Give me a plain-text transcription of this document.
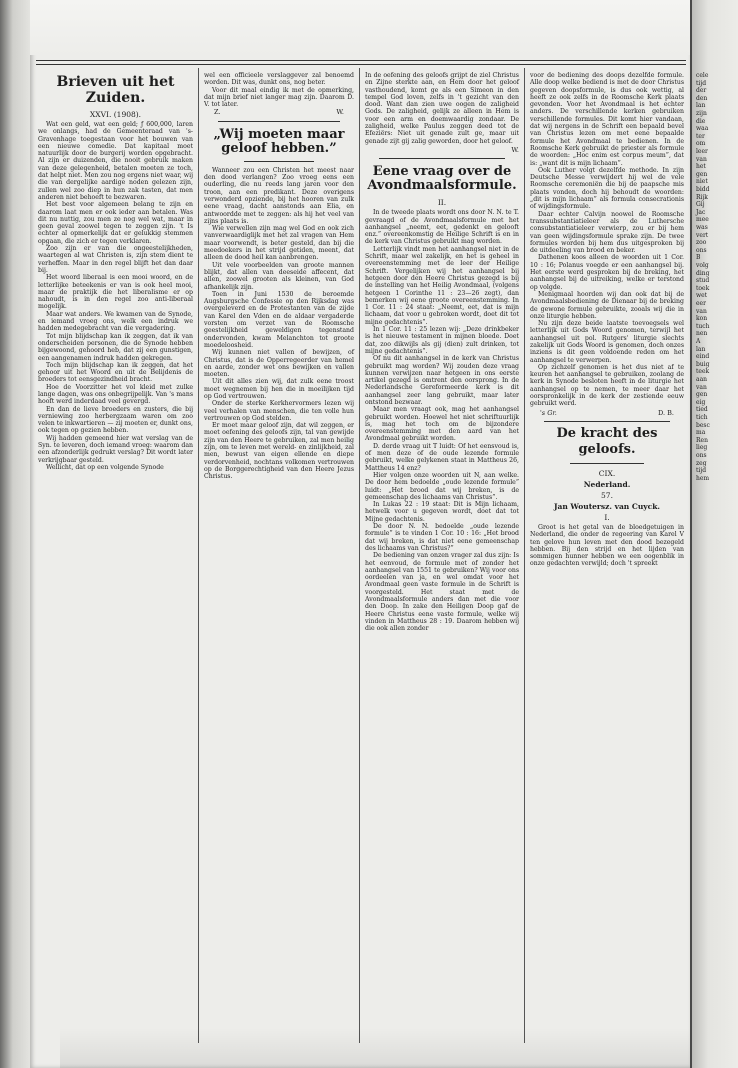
Brieven uit het Zuiden.
XXVI. (1908).

Wat een geld, wat een geld; ƒ 600,000, laren we onlangs, had de Gemeenteraad van 's-Gravenhage toegestaan voor het bouwen van een nieuwe comedie. Dat kapitaal moet natuurlijk door de burgerij worden opgebracht. Al zijn er duizenden, die nooit gebruik maken van deze gelegenheid, betalen moeten ze toch, dat helpt niet. Men zou nog ergens niet waar, wij die van dergelijke aardige noden gelezen zijn, zullen wel zoo diep in hun zak tasten, dat men anderen niet behoeft te bezwaren.

Het best voor algemeen belang te zijn en daarom laat men er ook ieder aan betalen. Was dit nu nuttig, zou men ze nog wel wat, maar in geen geval zoowel tegen te zeggen zijn. 't Is echter al opmerkelijk dat er gelukkig stemmen opgaan, die zich er tegen verklaren.

Zoo zijn er van die ongeestelijkheden, waartegen al wat Christen is, zijn stem dient te verheffen. Maar in den regel blijft het dan daar bij.

Het woord liberaal is een mooi woord, en de letterlijke beteekenis er van is ook heel mooi, maar de praktijk die het liberalisme er op nahoudt, is in den regel zoo anti-liberaal mogelijk.

Maar wat anders. We kwamen van de Synode, en iemand vroeg ons, welk een indruk we hadden medegebracht van die vergadering.

Tot mijn blijdschap kan ik zeggen, dat ik van onderscheiden personen, die de Synode hebben bijgewoond, gehoord heb, dat zij een gunstigen, een aangenamen indruk hadden gekregen.

Toch mijn blijdschap kan ik zeggen, dat het gehoor uit het Woord en uit de Belijdenis de broeders tot eensgezindheid bracht.

Hoe de Voorzitter het vol kleid met zulke lange dagen, was ons onbegrijpelijk. Van 's mans hooft werd inderdaad veel gevergd.

En dan de lieve broeders en zusters, die bij verniewing zoo herbergzaam waren om zoo velen te inkwartieren — zij moeten er, dunkt ons, ook tegen op gezien hebben.

Wij hadden gemeend hier wat verslag van de Syn. te leveren, doch iemand vroeg: waarom dan een afzonderlijk gedrukt verslag? Dit wordt later verkrijgbaar gesteld.

Wellicht, dat op een volgende Synode

wel een officieele verslaggever zal benoemd worden. Dit was, dunkt ons, nog beter.

Voor dit maal eindig ik met de opmerking, dat mijn brief niet langer mag zijn. Daarom D. V. tot later.

Z.	W.
„Wij moeten maar geloof hebben.”

Wanneer zou een Christen het meest naar den dood verlangen? Zoo vroeg eens een ouderling, die nu reeds lang jaren voor den troon, aan een predikant. Deze overigens verwonderd opziende, bij het hooren van zulk eene vraag, dacht aanstonds aan Elia, en antwoordde met te zeggen: als hij het veel van zijns plaats is.

Wie verwellen zijn mag wel God en ook zich vanverwaardiglijk met het zal vragen van Hem maar voorwendt, is beter gesteld, dan bij die meedoekers in het strijd getiden, meent, dat alleen de dood heil kan aanbrengen.

Uit vele voorbeelden van groote mannen blijkt, dat allen van deeseide affecent, dat allen, zoowel grooten als kleinen, van God afhankelijk zijn.

Toen in Juni 1530 de beroemde Augsburgsche Confessie op den Rijksdag was overgeleverd en de Protestanten van de zijde van Karel den Vden en de aldaar vergaderde vorsten om verzet van de Roomsche geestelijkheid geweldigen tegenstand ondervonden, kwam Melanchton tot groote moedeloosheid.

Wij kunnen niet vallen of bewijzen, of Christus, dat is de Opperregeerder van hemel en aarde, zonder wet ons bewijken en vallen moeten.

Uit dit alles zien wij, dat zulk eene troost moet wegnemen bij hen die in moeilijken tijd op God vertrouwen.

Onder de sterke Kerkhervormers lezen wij veel verhalen van menschen, die ten volle hun vertrouwen op God stelden.

Er moet maar geloof zijn, dat wil zeggen, er moet oefening des geloofs zijn, tal van gewijde zijn van den Heere te gebruiken, zal men heilig zijn, om te leven met wereld- en zinlijkheid, zal men, bewust van eigen ellende en diepe verdorvenheid, nochtans volkomen vertrouwen op de Borggerechtigheid van den Heere Jezus Christus.

In de oefening des geloofs grijpt de ziel Christus en Zijne sterkte aan, en Hem door het geloof vasthoudend, komt ge als een Simeon in den tempel God loven, zelfs in 't gezicht van den dood. Want dan zien uwe oogen de zaligheid Gods. De zaligheid, gelijk ze alleen in Hem is voor een arm en doemwaardig zondaar. De zaligheid, welke Paulus zeggen deed tot de Efeziërs: Niet uit genade zult ge, maar uit genade zijt gij zalig geworden, door het geloof.

W.
Eene vraag over de Avondmaalsformule.
II.

In de tweede plaats wordt ons door N. N. te T. gevraagd of de Avondmaalsformule met het aanhangsel „neemt, eet, gedenkt en gelooft enz.” overeenkomstig de Heilige Schrift is en in de kerk van Christus gebruikt mag worden.

Letterlijk vindt men het aanhangsel niet in de Schrift, maar wel zakelijk, en het is geheel in overeenstemming met de leer der Heilige Schrift. Vergelijken wij het aanhangsel bij hetgeen door den Heere Christus gezegd is bij de instelling van het Heilig Avondmaal, (volgens hetgeen 1 Corinthe 11 : 23—26 zegt), dan bemerken wij eene groote overeenstemming. In 1 Cor. 11 : 24 staat: „Neemt, eet, dat is mijn lichaam, dat voor u gebroken wordt, doet dit tot mijne gedachtenis”.

In 1 Cor. 11 : 25 lezen wij: „Deze drinkbeker is het nieuwe testament in mijnen bloede. Doet dat, zoo dikwijls als gij (dien) zult drinken, tot mijne gedachtenis”.

Of nu dit aanhangsel in de kerk van Christus gebruikt mag worden? Wij zouden deze vraag kunnen verwijzen naar hetgeen in ons eerste artikel gezegd is omtrent den oorsprong. In de Nederlandsche Gereformeerde kerk is dit aanhangsel zeer lang gebruikt, maar later ontstond bezwaar.

Maar men vraagt ook, mag het aanhangsel gebruikt worden. Hoewel het niet schriftuurlijk is, mag het toch om de bijzondere overeenstemming met den aard van het Avondmaal gebruikt worden.

D. derde vraag uit T luidt: Of het eensvoud is, of men deze of de oude lezende formule gebruikt, welke gelykenen staat in Mattheus 26, Mattheus 14 enz?

Hier volgen onze woorden uit N, aan welke. De door hem bedoelde „oude lezende formule” luidt: „Het brood dat wij breken, is de gemeenschap des lichaams van Christus”.

In Lukas 22 : 19 staat: Dit is Mijn lichaam, hetwelk voor u gegeven wordt, doet dat tot Mijne gedachtenis.

De door N. N. bedoelde „oude lezende formule” is te vinden 1 Cor. 10 : 16: „Het brood dat wij breken, is dat niet eene gemeenschap des lichaams van Christus?”

De bediening van onzen vrager zal dus zijn: Is het eenvoud, de formule met of zonder het aanhangsel van 1551 te gebruiken? Wij voor ons oordeelen van ja, en wel omdat voor het Avondmaal geen vaste formule in de Schrift is voorgesteld. Het staat met de Avondmaalsformule anders dan met die voor den Doop. In zake den Heiligen Doop gaf de Heere Christus eene vaste formule, welke wij vinden in Mattheus 28 : 19. Daarom hebben wij die ook allen zonder

voor de bediening des doops dezelfde formule. Alle doop welke bediend is met de door Christus gegeven doopsformule, is dus ook wettig, al heeft ze ook zelfs in de Roomsche Kerk plaats gevonden. Voor het Avondmaal is het echter anders. De verschillende kerken gebruiken verschillende formules. Dit komt hier vandaan, dat wij nergens in de Schrift een bepaald bevel van Christus lezen om met eene bepaalde formule het Avondmaal te bedienen. In de Roomsche Kerk gebruikt de priester als formule de woorden: „Hoc enim est corpus meum”, dat is: „want dit is mijn lichaam”.

Ook Luther volgt dezelfde methode. In zijn Deutsche Messe verwijdert hij wel de vele Roomsche ceremoniën die bij de paapsche mis plaats vonden, doch hij behoudt de woorden: „dit is mijn lichaam” als formula consecrationis of wijdingsformule.

Daar echter Calvijn noowel de Roomsche transsubstantiatieleer als de Luthersche consubstantiatieleer verwierp, zou er bij hem van geen wijdingsformule sprake zijn. De twee formules worden bij hem dus uitgesproken bij de uitdeeling van brood en beker.

Dathenen koos alleen de woorden uit 1 Cor. 10 : 16; Polanus voegde er een aanhangsel bij. Het eerste werd gesproken bij de breking, het aanhangsel bij de uitreiking, welke er terstond op volgde.

Menigmaal hoorden wij dan ook dat bij de Avondmaalsbediening de Dienaar bij de breking de gewone formule gebruikte, zooals wij die in onze liturgie hebben.

Nu zijn deze beide laatste toevoegsels wel letterlijk uit Gods Woord genomen, terwijl het aanhangsel uit pol. Rutgers' liturgie slechts zakelijk uit Gods Woord is genomen, doch onzes inziens is dit geen voldoende reden om het aanhangsel te verwerpen.

Op zichzelf genomen is het dus niet af te keuren het aanhangsel te gebruiken, zoolang de kerk in Synode besloten heeft in de liturgie het aanhangsel op te nemen, te meer daar het oorspronkelijk in de kerk der zestiende eeuw gebruikt werd.

's Gr.	D. B.
De kracht des geloofs.
CIX.
Nederland.
57.
Jan Woutersz. van Cuyck.
I.

Groot is het getal van de bloedgetuigen in Nederland, die onder de regeering van Karel V ten gelove hun leven met den dood bezegeld hebben. Bij den strijd en het lijden van sommigen hunner hebben we een oogenblik in onze gedachten verwijld; doch 't spreekt

cele
tijd
der
den
lan
zijn
die
waa
ter
om
leer
van
het
gen
niet
bidd
Rijk
Gij
Jac
mee
was
vert
zoo
ons
B
volg
ding
stud
toek
wet
eer
van
kon
tuch
nen
A
lan
eind
buig
teek
aan
van
gen
eig
tied
tich
besc
ma
Ren
lieg
ons
zeg
tijd
hem
